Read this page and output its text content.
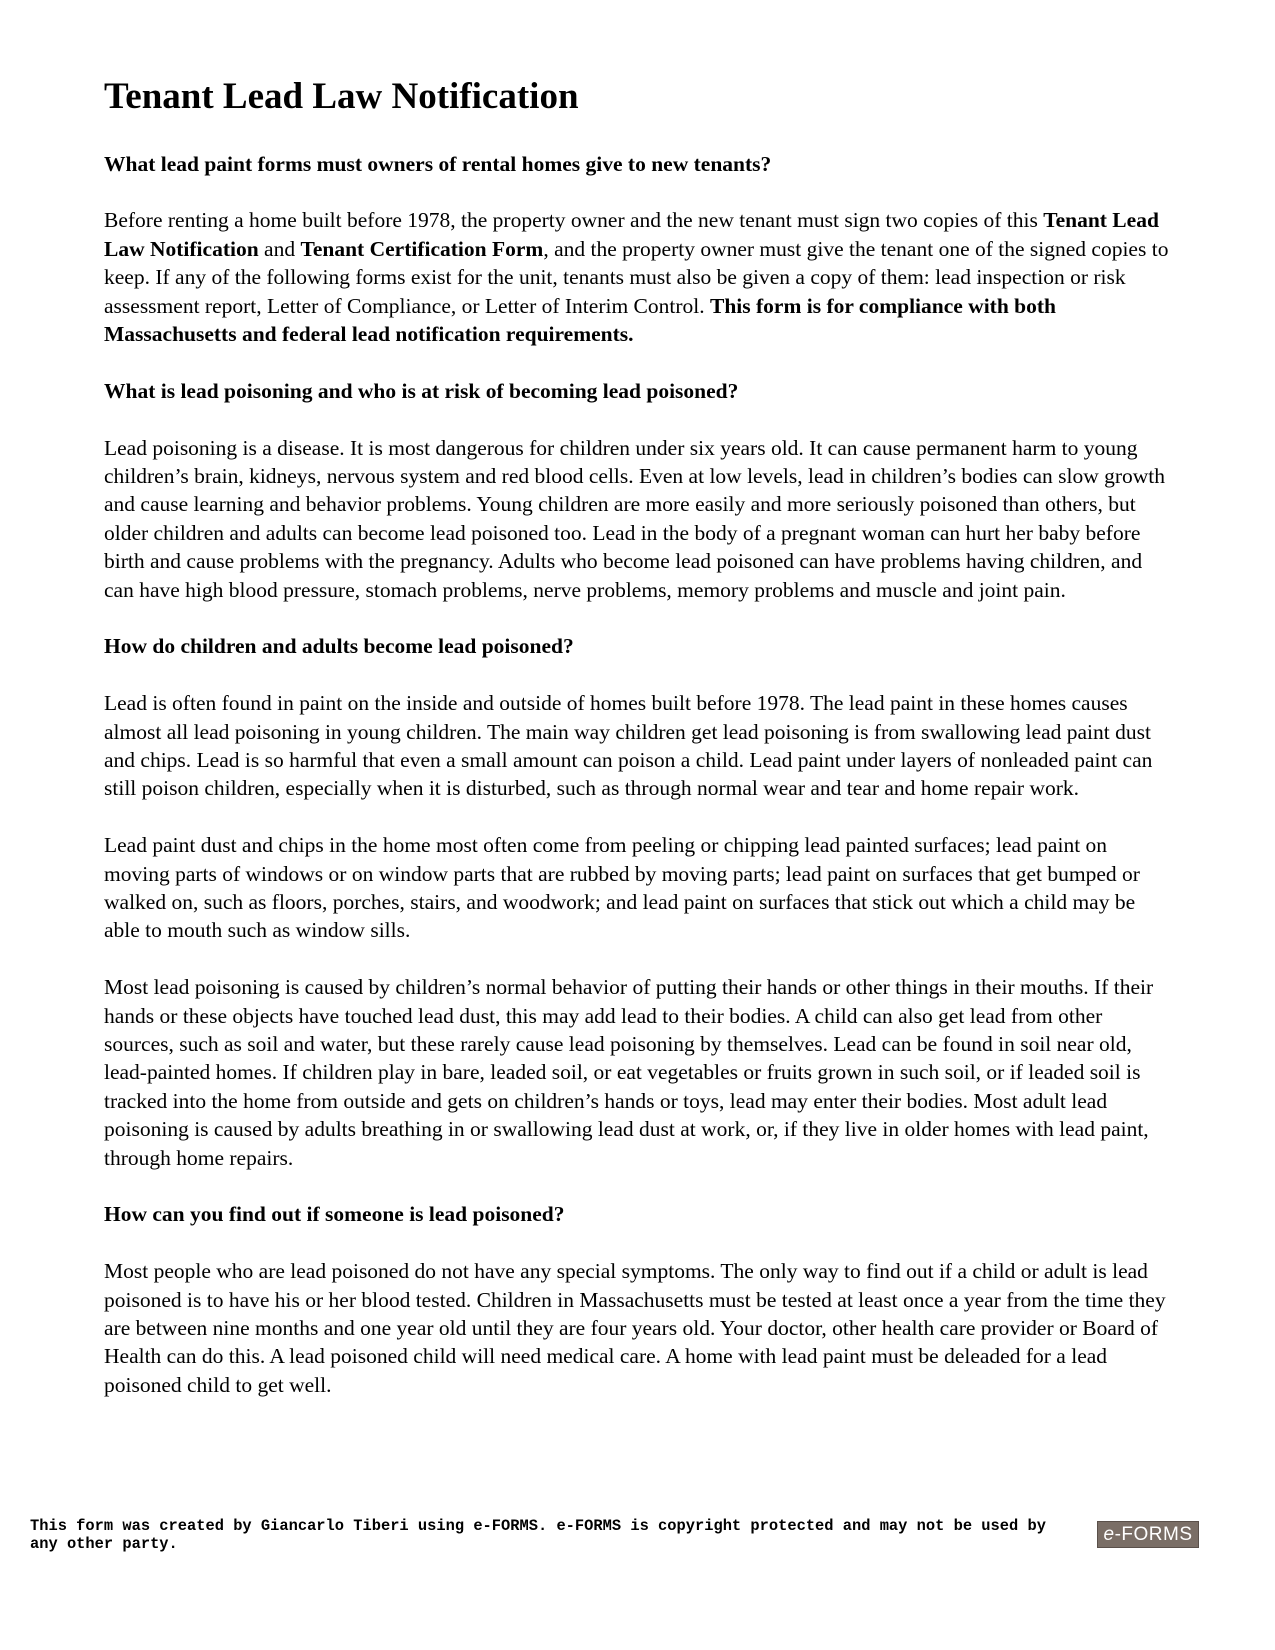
Tenant Lead Law Notification
What lead paint forms must owners of rental homes give to new tenants?

Before renting a home built before 1978, the property owner and the new tenant must sign two copies of this Tenant Lead Law Notification and Tenant Certification Form, and the property owner must give the tenant one of the signed copies to keep. If any of the following forms exist for the unit, tenants must also be given a copy of them: lead inspection or risk assessment report, Letter of Compliance, or Letter of Interim Control. This form is for compliance with both Massachusetts and federal lead notification requirements.

What is lead poisoning and who is at risk of becoming lead poisoned?

Lead poisoning is a disease. It is most dangerous for children under six years old. It can cause permanent harm to young children’s brain, kidneys, nervous system and red blood cells. Even at low levels, lead in children’s bodies can slow growth and cause learning and behavior problems. Young children are more easily and more seriously poisoned than others, but older children and adults can become lead poisoned too. Lead in the body of a pregnant woman can hurt her baby before birth and cause problems with the pregnancy. Adults who become lead poisoned can have problems having children, and can have high blood pressure, stomach problems, nerve problems, memory problems and muscle and joint pain.

How do children and adults become lead poisoned?

Lead is often found in paint on the inside and outside of homes built before 1978. The lead paint in these homes causes almost all lead poisoning in young children. The main way children get lead poisoning is from swallowing lead paint dust and chips. Lead is so harmful that even a small amount can poison a child. Lead paint under layers of nonleaded paint can still poison children, especially when it is disturbed, such as through normal wear and tear and home repair work.

Lead paint dust and chips in the home most often come from peeling or chipping lead painted surfaces; lead paint on moving parts of windows or on window parts that are rubbed by moving parts; lead paint on surfaces that get bumped or walked on, such as floors, porches, stairs, and woodwork; and lead paint on surfaces that stick out which a child may be able to mouth such as window sills.

Most lead poisoning is caused by children’s normal behavior of putting their hands or other things in their mouths. If their hands or these objects have touched lead dust, this may add lead to their bodies. A child can also get lead from other sources, such as soil and water, but these rarely cause lead poisoning by themselves. Lead can be found in soil near old, lead-painted homes. If children play in bare, leaded soil, or eat vegetables or fruits grown in such soil, or if leaded soil is tracked into the home from outside and gets on children’s hands or toys, lead may enter their bodies. Most adult lead poisoning is caused by adults breathing in or swallowing lead dust at work, or, if they live in older homes with lead paint, through home repairs.

How can you find out if someone is lead poisoned?

Most people who are lead poisoned do not have any special symptoms. The only way to find out if a child or adult is lead poisoned is to have his or her blood tested. Children in Massachusetts must be tested at least once a year from the time they are between nine months and one year old until they are four years old. Your doctor, other health care provider or Board of Health can do this. A lead poisoned child will need medical care. A home with lead paint must be deleaded for a lead poisoned child to get well.

This form was created by Giancarlo Tiberi using e-FORMS. e-FORMS is copyright protected and may not be used by any other party.	e-FORMS
